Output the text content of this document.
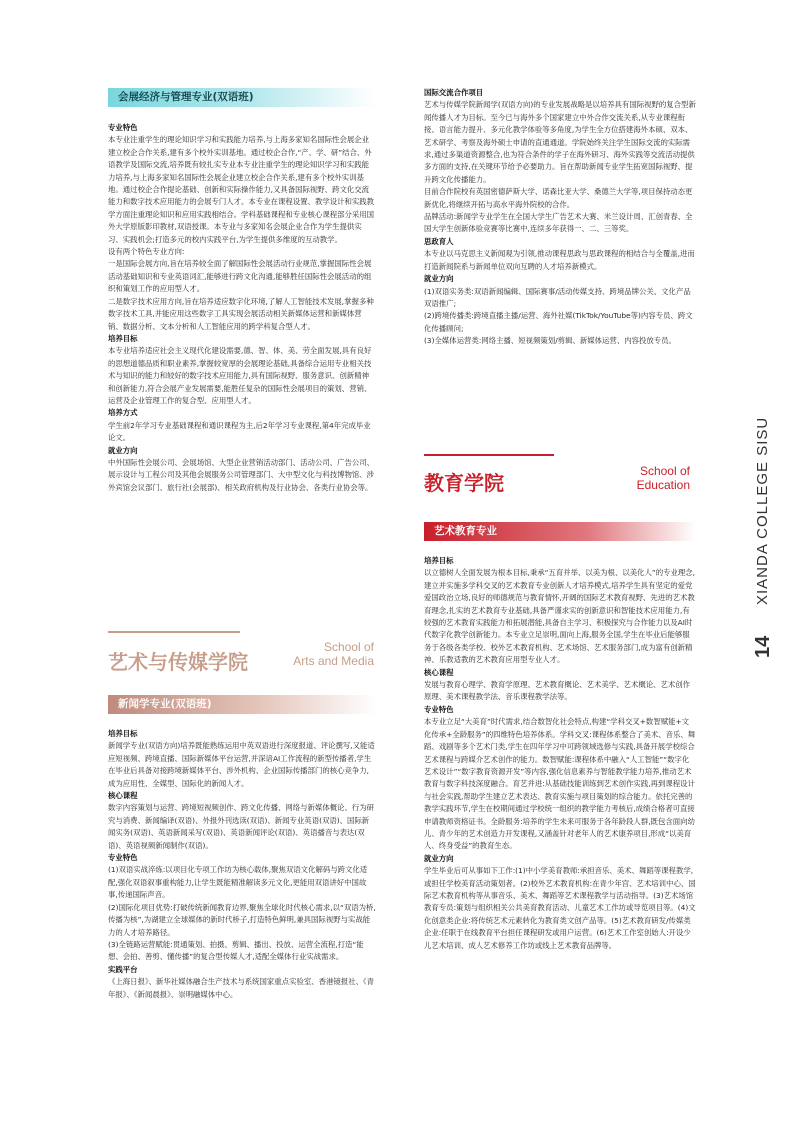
会展经济与管理专业(双语班)

专业特色

本专业注重学生的理论知识学习和实践能力培养,与上海多家知名国际性会展企业建立校企合作关系,建有多个校外实训基地。通过校企合作,“产、学、研”结合、外语教学及国际交流,培养既有较扎实专业本专业注重学生的理论知识学习和实践能力培养,与上海多家知名国际性会展企业建立校企合作关系,建有多个校外实训基地。通过校企合作提论基础、创新和实际操作能力,又具备国际视野、跨文化交流能力和数字技术应用能力的会展专门人才。本专业在课程设置、教学设计和实践教学方面注重理论知识和应用实践相结合。学科基础课程和专业核心课程部分采用国外大学原版影印教材,双语授课。本专业与多家知名会展企业合作为学生提供实习、实践机会;打造多元的校内实践平台,为学生提供多维度的互动教学。

设有两个特色专业方向:

一是国际会展方向,旨在培养较全面了解国际性会展活动行业规范,掌握国际性会展活动基础知识和专业英语词汇,能够进行跨文化沟通,能够胜任国际性会展活动的组织和策划工作的应用型人才。

二是数字技术应用方向,旨在培养适应数字化环境,了解人工智能技术发展,掌握多种数字技术工具,并能应用这些数字工具实现会展活动相关新媒体运营和新媒体营销、数据分析、文本分析和人工智能应用的跨学科复合型人才。

培养目标

本专业培养适应社会主义现代化建设需要,德、智、体、美、劳全面发展,具有良好的思想道德品质和职业素养,掌握较宽厚的会展理论基础,具备综合运用专业相关技术与知识的能力和较好的数字技术应用能力,具有国际视野、服务意识、创新精神和创新能力,符合会展产业发展需要,能胜任复杂的国际性会展项目的策划、营销、运营及企业管理工作的复合型、应用型人才。

培养方式

学生前2年学习专业基础课程和通识课程为主,后2年学习专业课程,第4年完成毕业论文。

就业方向

中外国际性会展公司、会展场馆、大型企业营销活动部门、活动公司、广告公司、展示设计与工程公司及其他会展服务公司管理部门、大中型文化与科技博物馆、涉外宾馆会议部门、旅行社(会展部)、相关政府机构及行业协会、各类行业协会等。

艺术与传媒学院
School of
Arts and Media
新闻学专业(双语班)

培养目标

新闻学专业(双语方向)培养既能熟练运用中英双语进行深度报道、评论撰写,又能适应短视频、跨境直播、国际新媒体平台运营,并深谙AI工作流程的新型传播者,学生在毕业后具备对接跨境新媒体平台、涉外机构、企业国际传播部门的核心竞争力,成为应用性、全媒型、国际化的新闻人才。

核心课程

数字内容策划与运营、跨境短视频创作、跨文化传播、网络与新媒体概论、行为研究与消费、新闻编译(双语)、外报外刊选读(双语)、新闻专业英语(双语)、国际新闻实务(双语)、英语新闻采写(双语)、英语新闻评论(双语)、英语播音与表达(双语)、英语视频新闻制作(双语)。

专业特色

(1)双语实战淬炼:以项目化专项工作坊为核心载体,聚焦双语文化解码与跨文化适配,强化双语叙事重构能力,让学生既能精准解读多元文化,更能用双语讲好中国故事,传递国际声音。

(2)国际化项目优势:打破传统新闻教育边界,聚焦全球化时代核心需求,以“双语为桥,传播为核”,为湖建立全球媒体的新时代桥子,打造特色鲜明,兼具国际视野与实战能力的人才培养路径。

(3)全链路运营赋能:贯通策划、拍摄、剪辑、播出、投放、运营全流程,打造“能想、会拍、善剪、懂传播”的复合型传媒人才,适配全媒体行业实战需求。

实践平台

《上海日报》、新华社媒体融合生产技术与系统国家重点实验室、香港镜报社、《青年报》、《新闻晨报》、崇明融媒体中心。

国际交流合作项目

艺术与传媒学院新闻学(双语方向)的专业发展战略是以培养具有国际视野的复合型新闻传播人才为目标。至今已与海外多个国家建立中外合作交流关系,从专业课程衔接、语言能力提升、多元化教学体验等多角度,为学生全方位搭建海外本硕、双本、艺术研学、考察及海外硕士申请的直通通道。学院始终关注学生国际交流的实际需求,通过多渠道资源整合,也为符合条件的学子在海外研习、海外实践等交流活动提供多方面的支持,在关键环节给予必要助力。旨在帮助新闻专业学生拓宽国际视野、提升跨文化传播能力。

目前合作院校有英国密德萨斯大学、诺森比亚大学、桑德兰大学等,项目保持动态更新优化,将继续开拓与高水平海外院校的合作。

品牌活动:新闻学专业学生在全国大学生广告艺术大赛、米兰设计周、汇创青春、全国大学生创新体验竞赛等比赛中,连续多年获得一、二、三等奖。

思政育人

本专业以马克思主义新闻观为引领,推动课程思政与思政课程的相结合与全覆盖,进而打造新闻院系与新闻单位双向互聘的人才培养新模式。

就业方向

(1)双语实务类:双语新闻编辑、国际赛事/活动传媒支持、跨境品牌公关、文化产品双语推广;

(2)跨境传播类:跨境直播主播/运营、海外社媒(TikTok/YouTube等)内容专员、跨文化传播顾问;

(3)全媒体运营类:网络主播、短视频策划/剪辑、新媒体运营、内容投放专员。

教育学院	School of
Education
艺术教育专业

培养目标

以立德树人全面发展为根本目标,秉承“五育并举、以美为根、以美化人”的专业理念,建立并实施多学科交叉的艺术教育专业创新人才培养模式,培养学生具有坚定的爱党爱国政治立场,良好的师德规范与教育情怀,开阔的国际艺术教育视野、先进的艺术教育理念,扎实的艺术教育专业基础,具备严谨求实的创新意识和智能技术应用能力,有较强的艺术教育实践能力和拓展潜能,具备自主学习、积极探究与合作能力以及AI时代数字化教学创新能力。本专业立足崇明,面向上海,服务全国,学生在毕业后能够服务于各级各类学校、校外艺术教育机构、艺术场馆、艺术服务部门,成为富有创新精神、乐教适教的艺术教育应用型专业人才。

核心课程

发展与教育心理学、教育学原理、艺术教育概论、艺术美学、艺术概论、艺术创作原理、美术课程教学法、音乐课程教学法等。

专业特色

本专业立足“大美育”时代需求,结合数智化社会特点,构建“学科交叉+数智赋能+文化传承+全龄服务”的四维特色培养体系。学科交叉:课程体系整合了美术、音乐、舞蹈、戏剧等多个艺术门类,学生在四年学习中可跨领域选修与实践,具备开展学校综合艺术课程与跨媒介艺术创作的能力。数智赋能:课程体系中融入“人工智能”“数字化艺术设计”“数字教育资源开发”等内容,强化信息素养与智能教学能力培养,推动艺术教育与数字科技深度融合。育艺并进:从基础技能训练到艺术创作实践,再到课程设计与社会实践,帮助学生建立艺术表达、教育实施与项目策划的综合能力。依托完善的教学实践环节,学生在校期间通过学校统一组织的教学能力考核后,成绩合格者可直接申请教师资格证书。全龄服务:培养的学生未来可服务于各年龄段人群,既包含面向幼儿、青少年的艺术创造力开发课程,又涵盖针对老年人的艺术康养项目,形成“以美育人、终身受益”的教育生态。

就业方向

学生毕业后可从事如下工作:(1)中小学美育教师:承担音乐、美术、舞蹈等课程教学,或担任学校美育活动策划者。(2)校外艺术教育机构:在青少年宫、艺术培训中心、国际艺术教育机构等从事音乐、美术、舞蹈等艺术课程教学与活动指导。(3)艺术场馆教育专员:策划与组织相关公共美育教育活动、儿童艺术工作坊或导览项目等。(4)文化创意类企业:将传统艺术元素转化为教育类文创产品等。(5)艺术教育研发/传媒类企业:任职于在线教育平台担任课程研发或用户运营。(6)艺术工作室创始人:开设少儿艺术培训、成人艺术修养工作坊或线上艺术教育品牌等。

XIANDA COLLEGE SISU
14
